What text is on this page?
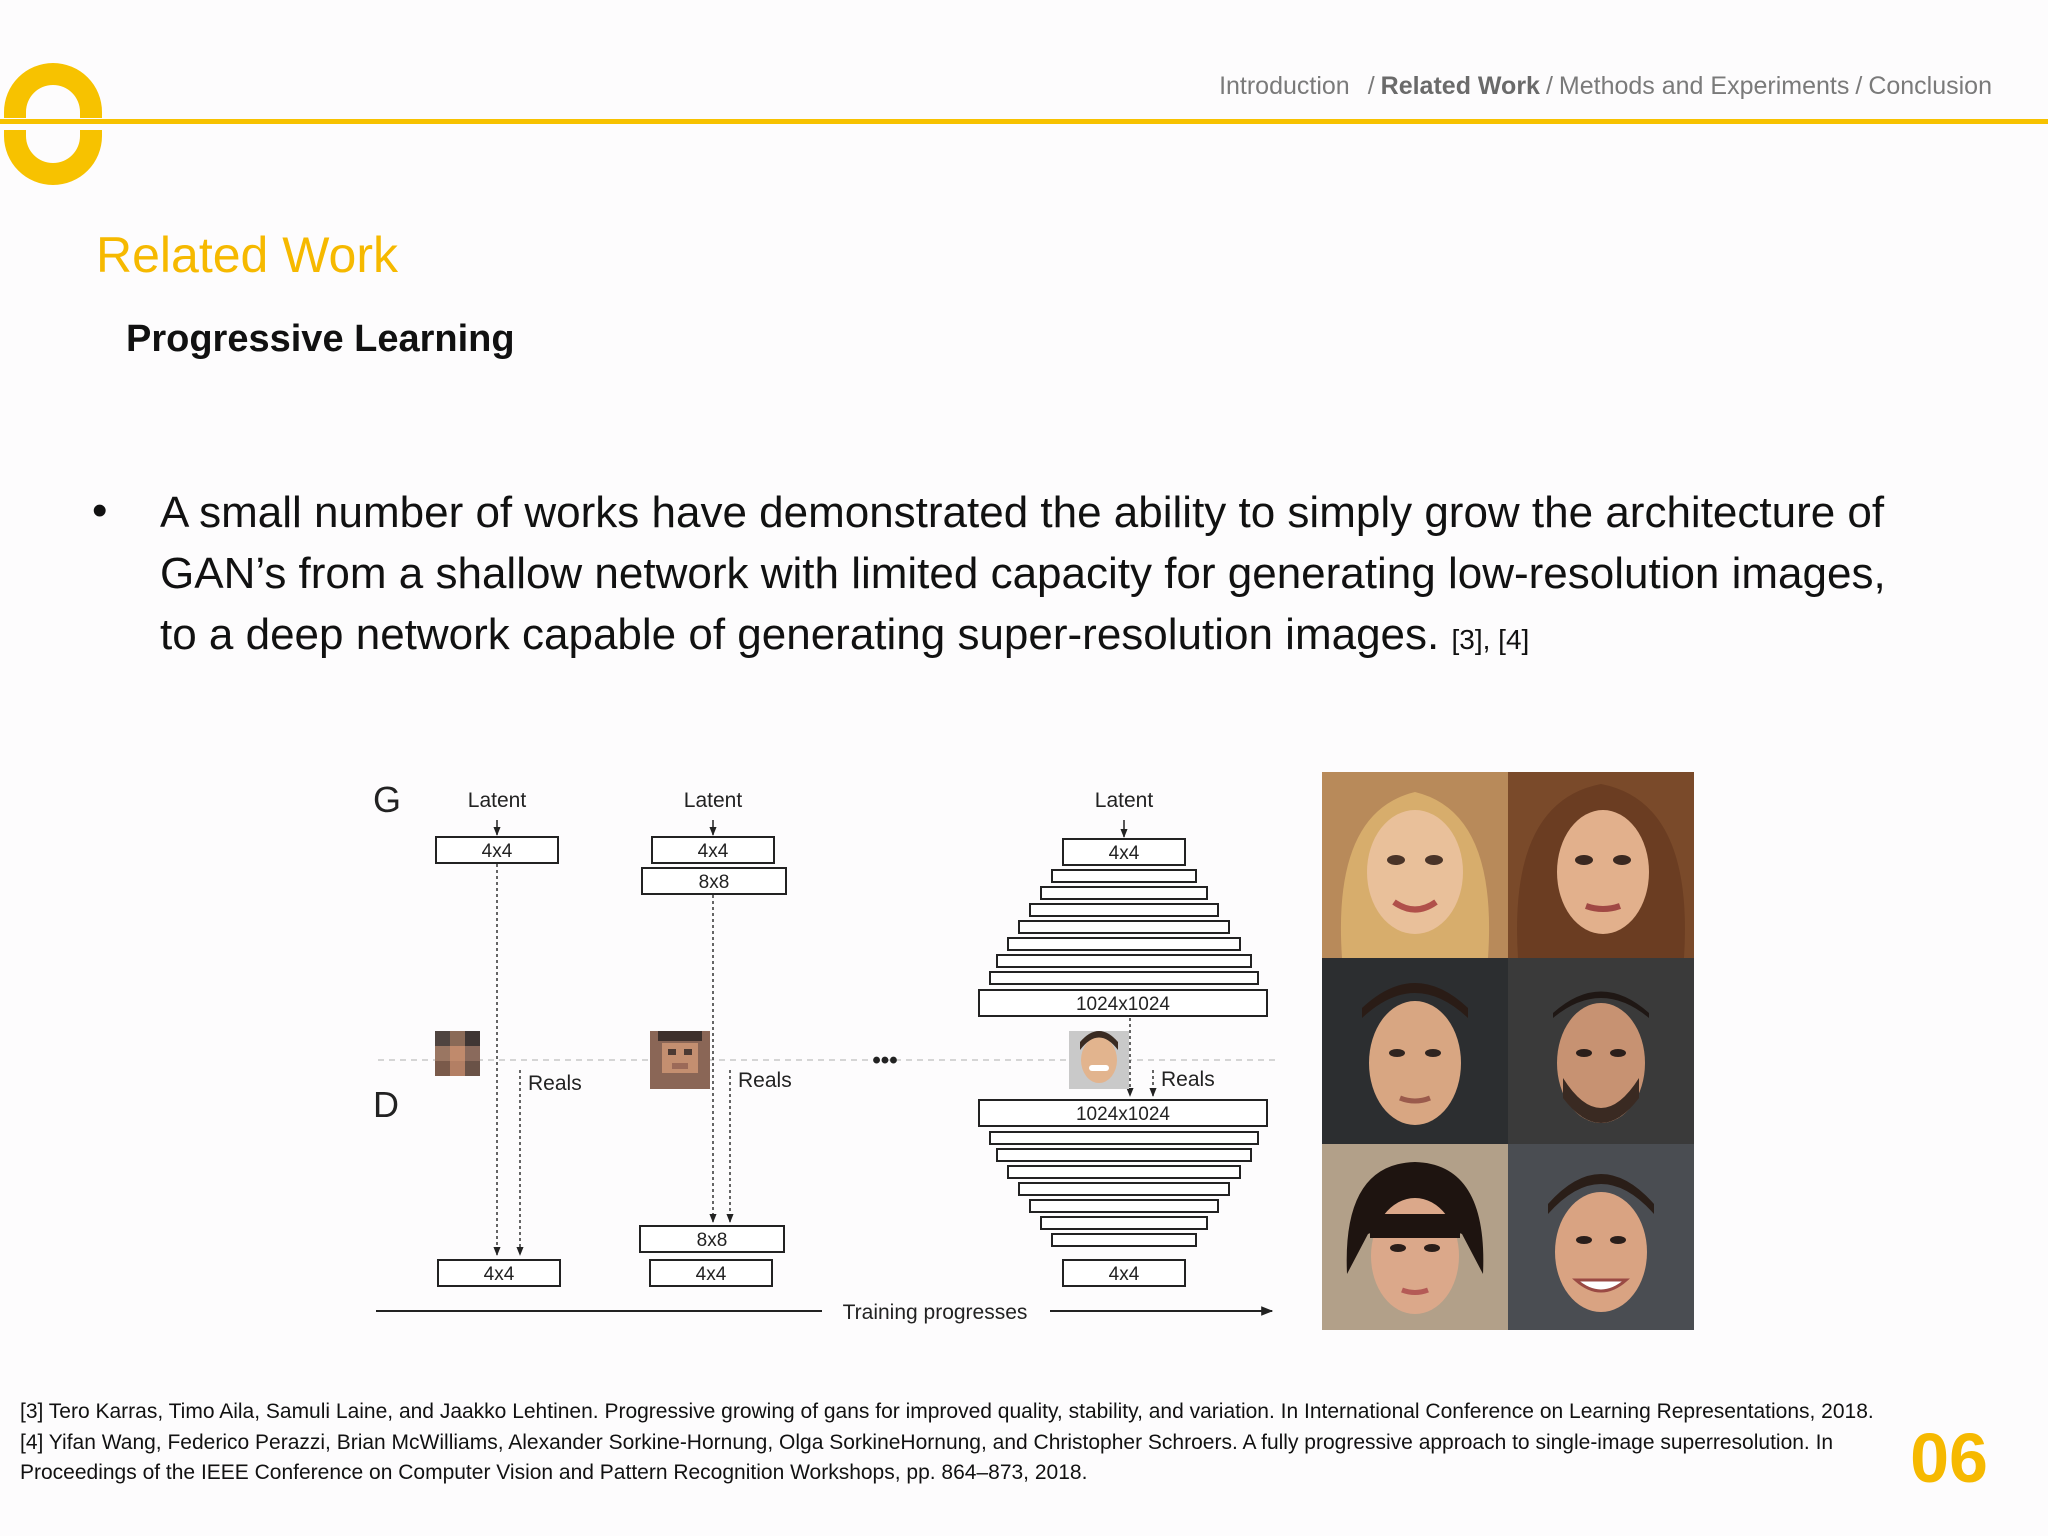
Introduction / Related Work / Methods and Experiments / Conclusion
Related Work
Progressive Learning
• A small number of works have demonstrated the ability to simply grow the architecture of GAN’s from a shallow network with limited capacity for generating low-resolution images, to a deep network capable of generating super-resolution images. [3], [4]
•••
G
D
Latent	Latent	Latent
Reals	Reals	Reals
4x4
4x4
4x4
8x8
8x8
4x4
4x4
1024x1024
1024x1024
4x4
Training progresses
[3] Tero Karras, Timo Aila, Samuli Laine, and Jaakko Lehtinen. Progressive growing of gans for improved quality, stability, and variation. In International Conference on Learning Representations, 2018.
[4] Yifan Wang, Federico Perazzi, Brian McWilliams, Alexander Sorkine-Hornung, Olga SorkineHornung, and Christopher Schroers. A fully progressive approach to single-image superresolution. In Proceedings of the IEEE Conference on Computer Vision and Pattern Recognition Workshops, pp. 864–873, 2018.	06
